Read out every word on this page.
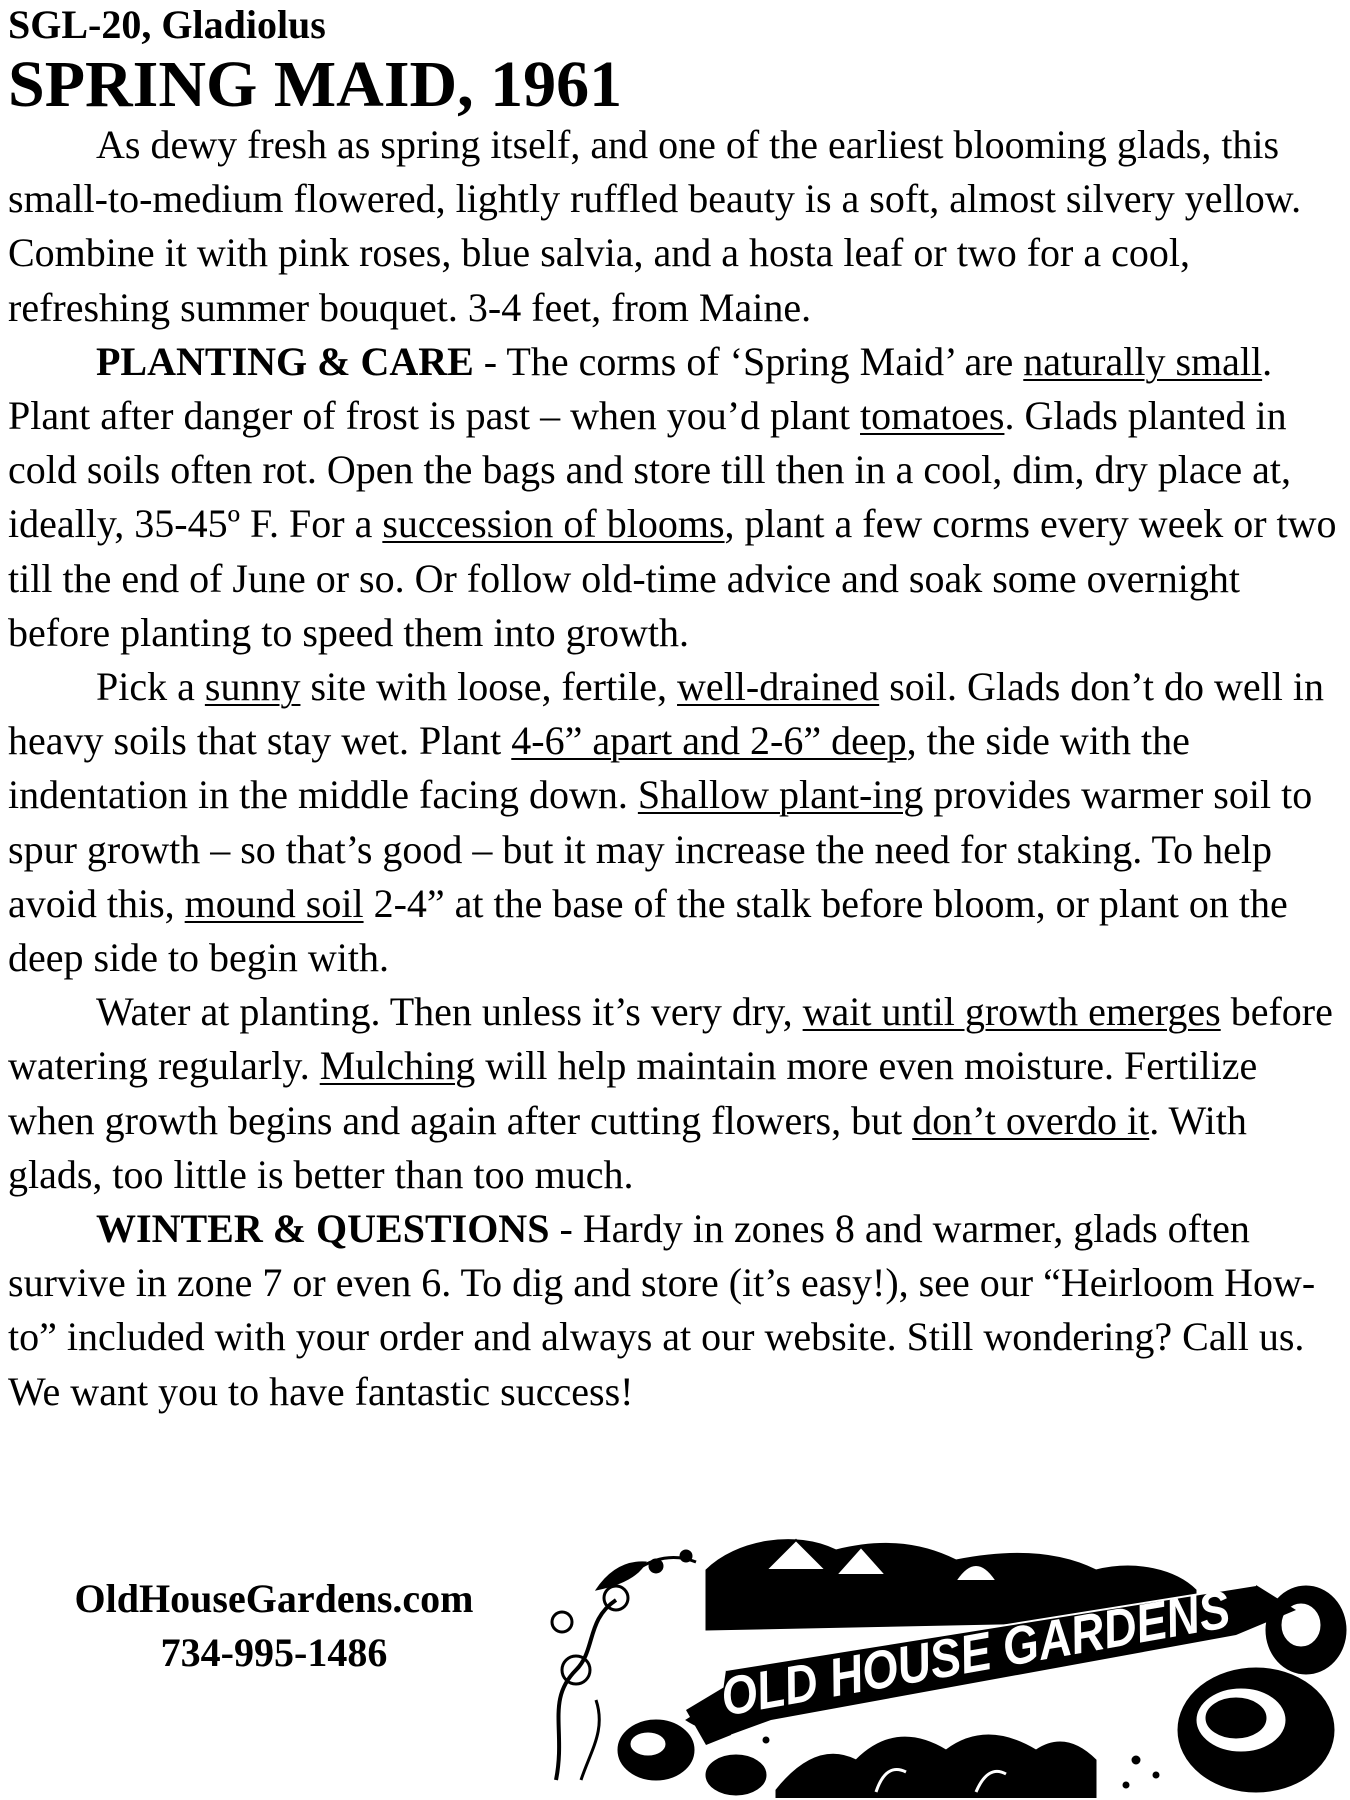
SGL-20, Gladiolus
SPRING MAID, 1961

As dewy fresh as spring itself, and one of the earliest blooming glads, this small-to-medium flowered, lightly ruffled beauty is a soft, almost silvery yellow. Combine it with pink roses, blue salvia, and a hosta leaf or two for a cool, refreshing summer bouquet. 3-4 feet, from Maine.

PLANTING & CARE - The corms of ‘Spring Maid’ are naturally small. Plant after danger of frost is past – when you’d plant tomatoes. Glads planted in cold soils often rot. Open the bags and store till then in a cool, dim, dry place at, ideally, 35-45º F. For a succession of blooms, plant a few corms every week or two till the end of June or so. Or follow old-time advice and soak some overnight before planting to speed them into growth.

Pick a sunny site with loose, fertile, well-drained soil. Glads don’t do well in heavy soils that stay wet. Plant 4-6” apart and 2-6” deep, the side with the indentation in the middle facing down. Shallow plant-ing provides warmer soil to spur growth – so that’s good – but it may increase the need for staking. To help avoid this, mound soil 2-4” at the base of the stalk before bloom, or plant on the deep side to begin with.

Water at planting. Then unless it’s very dry, wait until growth emerges before watering regularly. Mulching will help maintain more even moisture. Fertilize when growth begins and again after cutting flowers, but don’t overdo it. With glads, too little is better than too much.

WINTER & QUESTIONS - Hardy in zones 8 and warmer, glads often survive in zone 7 or even 6. To dig and store (it’s easy!), see our “Heirloom How-to” included with your order and always at our website. Still wondering? Call us. We want you to have fantastic success!

OldHouseGardens.com
734-995-1486	OLD HOUSE GARDENS
